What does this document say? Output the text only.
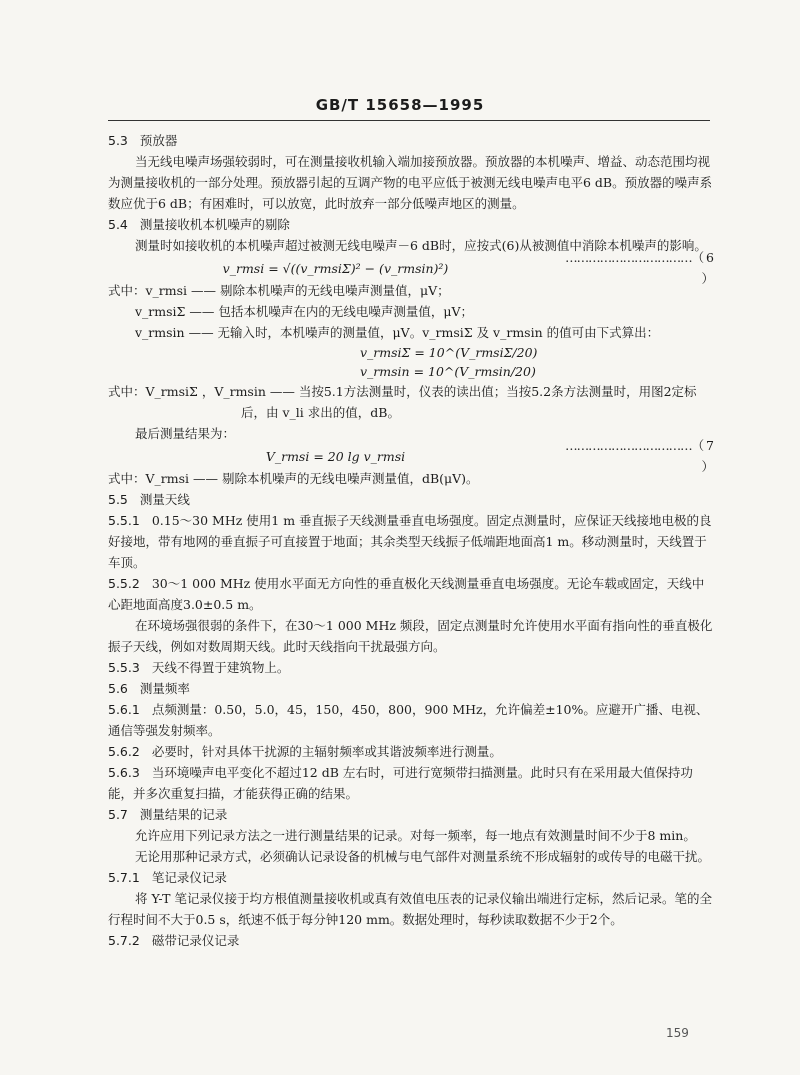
GB/T 15658—1995

5.3 预放器

当无线电噪声场强较弱时，可在测量接收机输入端加接预放器。预放器的本机噪声、增益、动态范围均视为测量接收机的一部分处理。预放器引起的互调产物的电平应低于被测无线电噪声电平6 dB。预放器的噪声系数应优于6 dB；有困难时，可以放宽，此时放弃一部分低噪声地区的测量。

5.4 测量接收机本机噪声的剔除

测量时如接收机的本机噪声超过被测无线电噪声－6 dB时，应按式(6)从被测值中消除本机噪声的影响。

v_rmsi = √((v_rmsiΣ)² − (v_rmsin)²)
……………………………（ 6 ）

式中：v_rmsi —— 剔除本机噪声的无线电噪声测量值，μV；

v_rmsiΣ —— 包括本机噪声在内的无线电噪声测量值，μV；

v_rmsin —— 无输入时，本机噪声的测量值，μV。v_rmsiΣ 及 v_rmsin 的值可由下式算出：

v_rmsiΣ = 10^(V_rmsiΣ/20)

v_rmsin = 10^(V_rmsin/20)

式中：V_rmsiΣ ，V_rmsin —— 当按5.1方法测量时，仪表的读出值；当按5.2条方法测量时，用图2定标后，由 v_li 求出的值，dB。

最后测量结果为：

V_rmsi = 20 lg v_rmsi
……………………………（ 7 ）

式中：V_rmsi —— 剔除本机噪声的无线电噪声测量值，dB(μV)。

5.5 测量天线

5.5.1 0.15～30 MHz 使用1 m 垂直振子天线测量垂直电场强度。固定点测量时，应保证天线接地电极的良好接地，带有地网的垂直振子可直接置于地面；其余类型天线振子低端距地面高1 m。移动测量时，天线置于车顶。

5.5.2 30～1 000 MHz 使用水平面无方向性的垂直极化天线测量垂直电场强度。无论车载或固定，天线中心距地面高度3.0±0.5 m。

在环境场强很弱的条件下，在30～1 000 MHz 频段，固定点测量时允许使用水平面有指向性的垂直极化振子天线，例如对数周期天线。此时天线指向干扰最强方向。

5.5.3 天线不得置于建筑物上。

5.6 测量频率

5.6.1 点频测量：0.50，5.0，45，150，450，800，900 MHz，允许偏差±10%。应避开广播、电视、通信等强发射频率。

5.6.2 必要时，针对具体干扰源的主辐射频率或其谐波频率进行测量。

5.6.3 当环境噪声电平变化不超过12 dB 左右时，可进行宽频带扫描测量。此时只有在采用最大值保持功能，并多次重复扫描，才能获得正确的结果。

5.7 测量结果的记录

允许应用下列记录方法之一进行测量结果的记录。对每一频率，每一地点有效测量时间不少于8 min。

无论用那种记录方式，必须确认记录设备的机械与电气部件对测量系统不形成辐射的或传导的电磁干扰。

5.7.1 笔记录仪记录

将 Y-T 笔记录仪接于均方根值测量接收机或真有效值电压表的记录仪输出端进行定标，然后记录。笔的全行程时间不大于0.5 s，纸速不低于每分钟120 mm。数据处理时，每秒读取数据不少于2个。

5.7.2 磁带记录仪记录

159
